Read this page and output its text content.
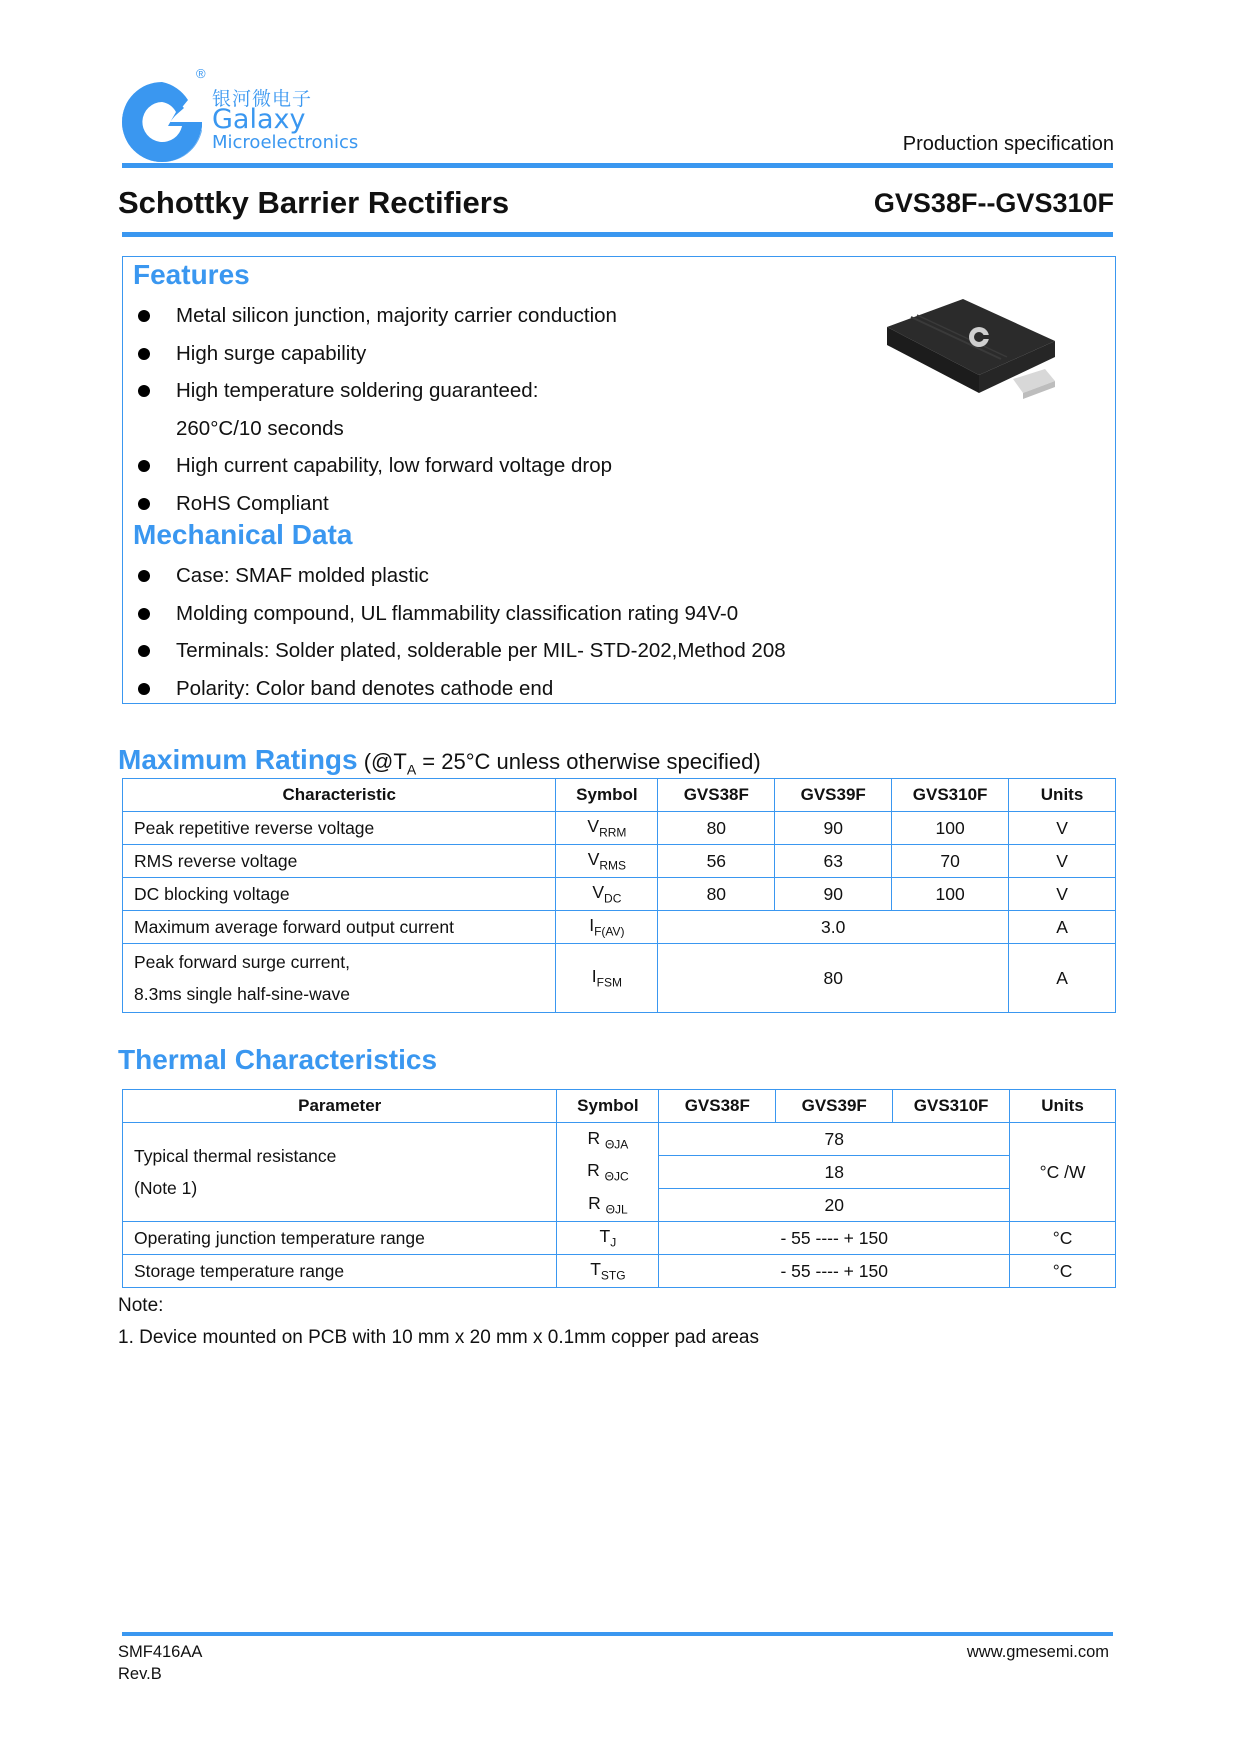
®
银河微电子
Galaxy
Microelectronics	Production specification
Schottky Barrier Rectifiers	GVS38F--GVS310F
Features
Metal silicon junction, majority carrier conduction
High surge capability
High temperature soldering guaranteed:
260°C/10 seconds
High current capability, low forward voltage drop
RoHS Compliant
Mechanical Data
Case: SMAF molded plastic
Molding compound, UL flammability classification rating 94V-0
Terminals: Solder plated, solderable per MIL- STD-202,Method 208
Polarity: Color band denotes cathode end
Maximum Ratings ($@T_A = 25^\circ C$ unless otherwise specified)
Characteristic	Symbol	GVS38F	GVS39F	GVS310F	Units
Peak repetitive reverse voltage	$V_{RRM}$	80	90	100	V
RMS reverse voltage	$V_{RMS}$	56	63	70	V
DC blocking voltage	$V_{DC}$	80	90	100	V
Maximum average forward output current	$I_{F(AV)}$	3.0			A

Peak forward surge current,
8.3ms single half-sine-wave	$I_{FSM}$	80			A
Thermal Characteristics
Parameter	Symbol	GVS38F	GVS39F	GVS310F	Units

Typical thermal resistance
(Note 1)	R $_{\Theta JA}$	78			°C /W
	R $_{\Theta JC}$	18			
	R $_{\Theta JL}$	20			
Operating junction temperature range	$T_J$	- 55 ---- + 150			°C
Storage temperature range	$T_{STG}$	- 55 ---- + 150			°C
Note:
1. Device mounted on PCB with 10 mm x 20 mm x 0.1mm copper pad areas
SMF416AA
Rev.B
www.gmesemi.com
